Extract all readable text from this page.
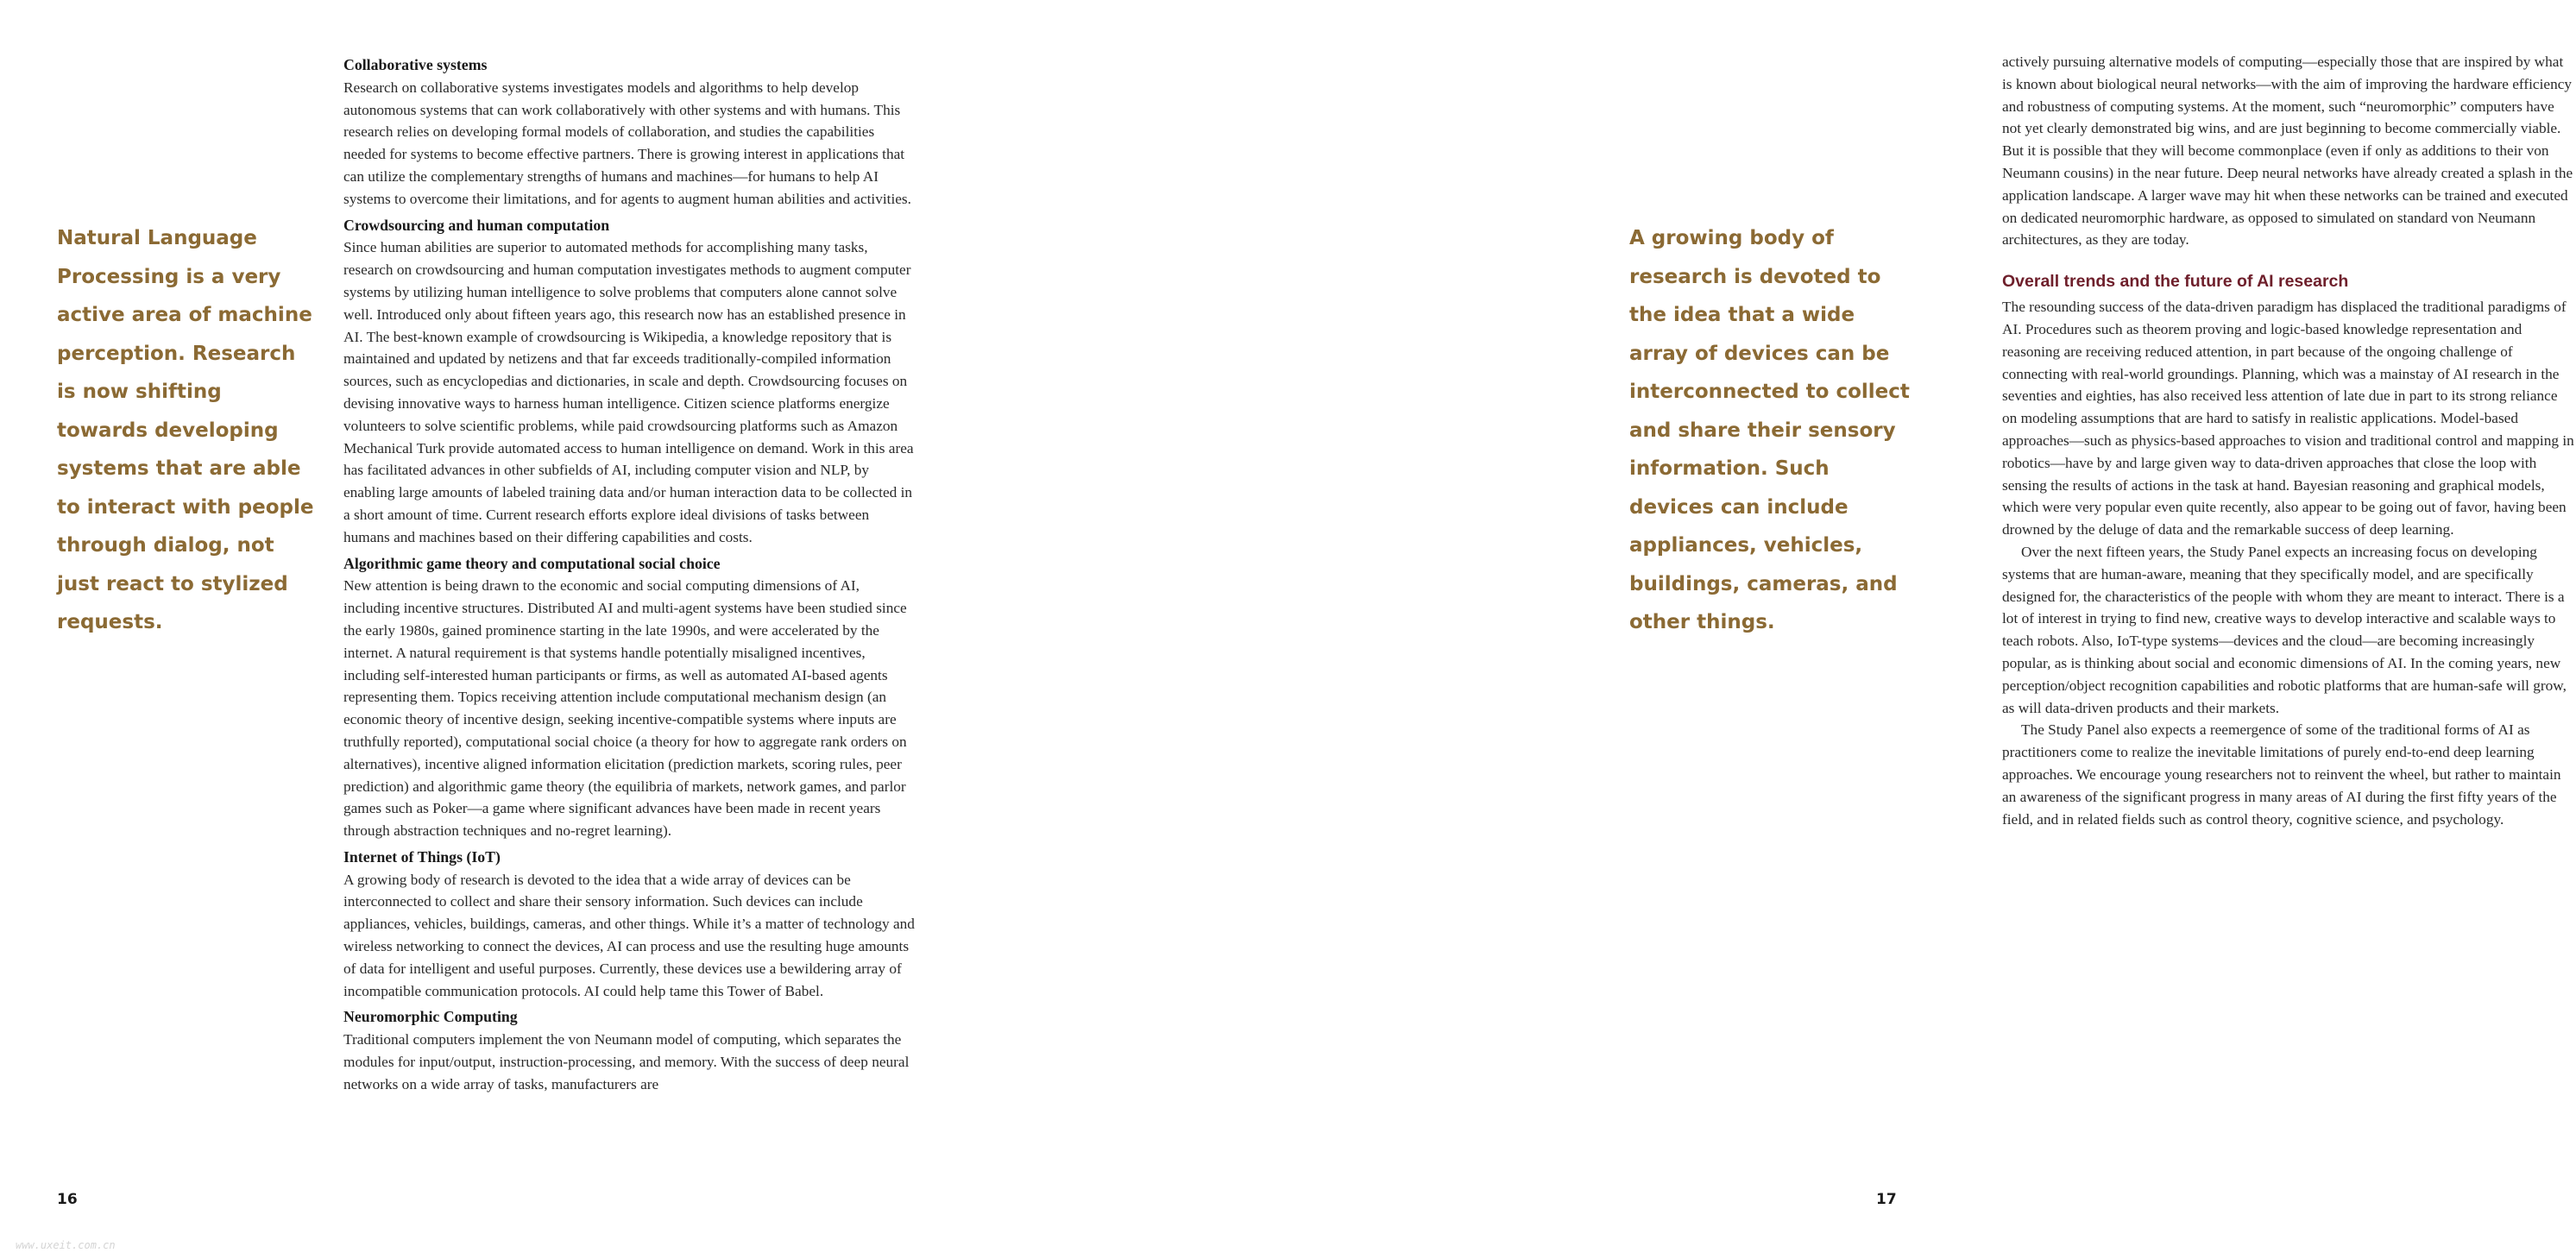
Natural Language Processing is a very active area of machine perception. Research is now shifting towards developing systems that are able to interact with people through dialog, not just react to stylized requests.

Collaborative systems

Research on collaborative systems investigates models and algorithms to help develop autonomous systems that can work collaboratively with other systems and with humans. This research relies on developing formal models of collaboration, and studies the capabilities needed for systems to become effective partners. There is growing interest in applications that can utilize the complementary strengths of humans and machines—for humans to help AI systems to overcome their limitations, and for agents to augment human abilities and activities.

Crowdsourcing and human computation

Since human abilities are superior to automated methods for accomplishing many tasks, research on crowdsourcing and human computation investigates methods to augment computer systems by utilizing human intelligence to solve problems that computers alone cannot solve well. Introduced only about fifteen years ago, this research now has an established presence in AI. The best-known example of crowdsourcing is Wikipedia, a knowledge repository that is maintained and updated by netizens and that far exceeds traditionally-compiled information sources, such as encyclopedias and dictionaries, in scale and depth. Crowdsourcing focuses on devising innovative ways to harness human intelligence. Citizen science platforms energize volunteers to solve scientific problems, while paid crowdsourcing platforms such as Amazon Mechanical Turk provide automated access to human intelligence on demand. Work in this area has facilitated advances in other subfields of AI, including computer vision and NLP, by enabling large amounts of labeled training data and/or human interaction data to be collected in a short amount of time. Current research efforts explore ideal divisions of tasks between humans and machines based on their differing capabilities and costs.

Algorithmic game theory and computational social choice

New attention is being drawn to the economic and social computing dimensions of AI, including incentive structures. Distributed AI and multi-agent systems have been studied since the early 1980s, gained prominence starting in the late 1990s, and were accelerated by the internet. A natural requirement is that systems handle potentially misaligned incentives, including self-interested human participants or firms, as well as automated AI-based agents representing them. Topics receiving attention include computational mechanism design (an economic theory of incentive design, seeking incentive-compatible systems where inputs are truthfully reported), computational social choice (a theory for how to aggregate rank orders on alternatives), incentive aligned information elicitation (prediction markets, scoring rules, peer prediction) and algorithmic game theory (the equilibria of markets, network games, and parlor games such as Poker—a game where significant advances have been made in recent years through abstraction techniques and no-regret learning).

Internet of Things (IoT)

A growing body of research is devoted to the idea that a wide array of devices can be interconnected to collect and share their sensory information. Such devices can include appliances, vehicles, buildings, cameras, and other things. While it’s a matter of technology and wireless networking to connect the devices, AI can process and use the resulting huge amounts of data for intelligent and useful purposes. Currently, these devices use a bewildering array of incompatible communication protocols. AI could help tame this Tower of Babel.

Neuromorphic Computing

Traditional computers implement the von Neumann model of computing, which separates the modules for input/output, instruction-processing, and memory. With the success of deep neural networks on a wide array of tasks, manufacturers are

16
www.uxeit.com.cn

actively pursuing alternative models of computing—especially those that are inspired by what is known about biological neural networks—with the aim of improving the hardware efficiency and robustness of computing systems. At the moment, such “neuromorphic” computers have not yet clearly demonstrated big wins, and are just beginning to become commercially viable. But it is possible that they will become commonplace (even if only as additions to their von Neumann cousins) in the near future. Deep neural networks have already created a splash in the application landscape. A larger wave may hit when these networks can be trained and executed on dedicated neuromorphic hardware, as opposed to simulated on standard von Neumann architectures, as they are today.

Overall trends and the future of AI research

The resounding success of the data-driven paradigm has displaced the traditional paradigms of AI. Procedures such as theorem proving and logic-based knowledge representation and reasoning are receiving reduced attention, in part because of the ongoing challenge of connecting with real-world groundings. Planning, which was a mainstay of AI research in the seventies and eighties, has also received less attention of late due in part to its strong reliance on modeling assumptions that are hard to satisfy in realistic applications. Model-based approaches—such as physics-based approaches to vision and traditional control and mapping in robotics—have by and large given way to data-driven approaches that close the loop with sensing the results of actions in the task at hand. Bayesian reasoning and graphical models, which were very popular even quite recently, also appear to be going out of favor, having been drowned by the deluge of data and the remarkable success of deep learning.

Over the next fifteen years, the Study Panel expects an increasing focus on developing systems that are human-aware, meaning that they specifically model, and are specifically designed for, the characteristics of the people with whom they are meant to interact. There is a lot of interest in trying to find new, creative ways to develop interactive and scalable ways to teach robots. Also, IoT-type systems—devices and the cloud—are becoming increasingly popular, as is thinking about social and economic dimensions of AI. In the coming years, new perception/object recognition capabilities and robotic platforms that are human-safe will grow, as will data-driven products and their markets.

The Study Panel also expects a reemergence of some of the traditional forms of AI as practitioners come to realize the inevitable limitations of purely end-to-end deep learning approaches. We encourage young researchers not to reinvent the wheel, but rather to maintain an awareness of the significant progress in many areas of AI during the first fifty years of the field, and in related fields such as control theory, cognitive science, and psychology.

A growing body of research is devoted to the idea that a wide array of devices can be interconnected to collect and share their sensory information. Such devices can include appliances, vehicles, buildings, cameras, and other things.

17
